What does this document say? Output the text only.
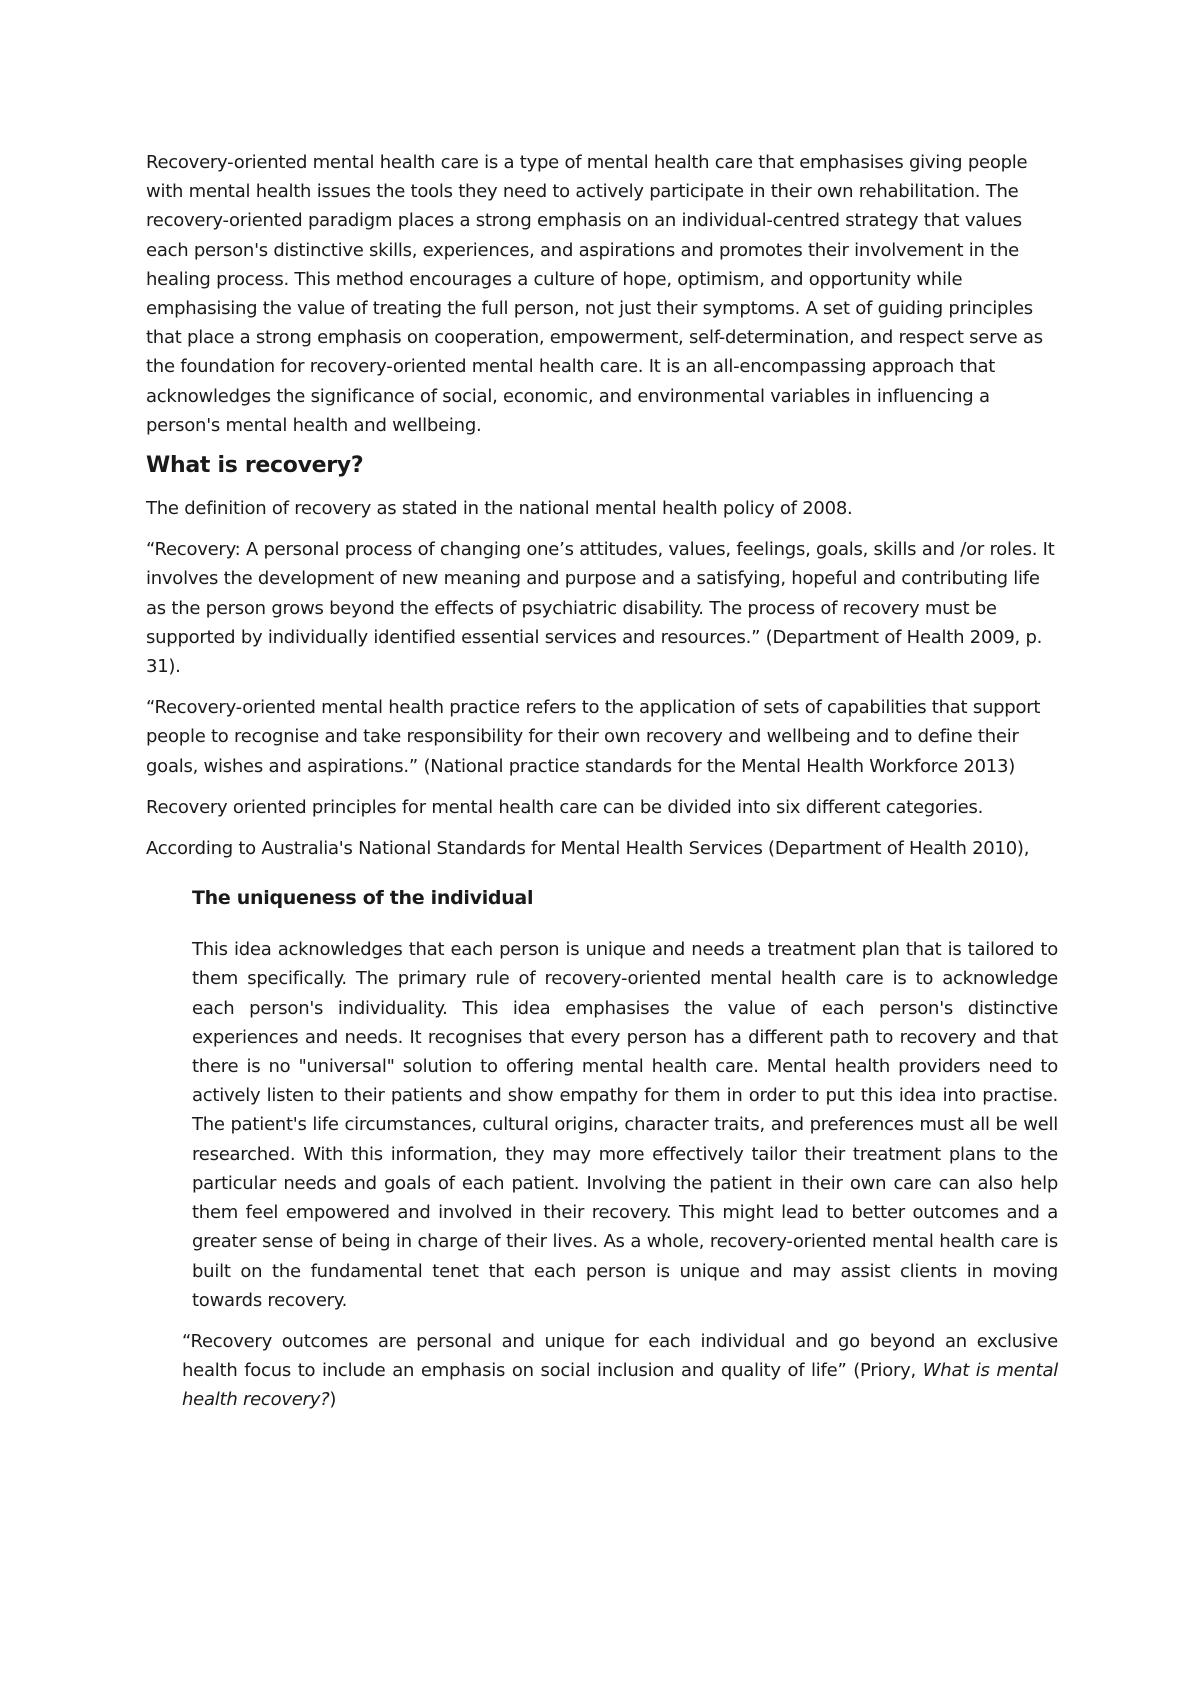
Recovery-oriented mental health care is a type of mental health care that emphasises giving people with mental health issues the tools they need to actively participate in their own rehabilitation. The recovery-oriented paradigm places a strong emphasis on an individual-centred strategy that values each person's distinctive skills, experiences, and aspirations and promotes their involvement in the healing process. This method encourages a culture of hope, optimism, and opportunity while emphasising the value of treating the full person, not just their symptoms. A set of guiding principles that place a strong emphasis on cooperation, empowerment, self-determination, and respect serve as the foundation for recovery-oriented mental health care. It is an all-encompassing approach that acknowledges the significance of social, economic, and environmental variables in influencing a person's mental health and wellbeing.

What is recovery?

The definition of recovery as stated in the national mental health policy of 2008.

“Recovery: A personal process of changing one’s attitudes, values, feelings, goals, skills and /or roles. It involves the development of new meaning and purpose and a satisfying, hopeful and contributing life as the person grows beyond the effects of psychiatric disability. The process of recovery must be supported by individually identified essential services and resources.” (Department of Health 2009, p. 31).

“Recovery-oriented mental health practice refers to the application of sets of capabilities that support people to recognise and take responsibility for their own recovery and wellbeing and to define their goals, wishes and aspirations.” (National practice standards for the Mental Health Workforce 2013)

Recovery oriented principles for mental health care can be divided into six different categories.

According to Australia's National Standards for Mental Health Services (Department of Health 2010),

The uniqueness of the individual

This idea acknowledges that each person is unique and needs a treatment plan that is tailored to them specifically. The primary rule of recovery-oriented mental health care is to acknowledge each person's individuality. This idea emphasises the value of each person's distinctive experiences and needs. It recognises that every person has a different path to recovery and that there is no "universal" solution to offering mental health care. Mental health providers need to actively listen to their patients and show empathy for them in order to put this idea into practise. The patient's life circumstances, cultural origins, character traits, and preferences must all be well researched. With this information, they may more effectively tailor their treatment plans to the particular needs and goals of each patient. Involving the patient in their own care can also help them feel empowered and involved in their recovery. This might lead to better outcomes and a greater sense of being in charge of their lives. As a whole, recovery-oriented mental health care is built on the fundamental tenet that each person is unique and may assist clients in moving towards recovery.

“Recovery outcomes are personal and unique for each individual and go beyond an exclusive health focus to include an emphasis on social inclusion and quality of life” (Priory, What is mental health recovery?)
